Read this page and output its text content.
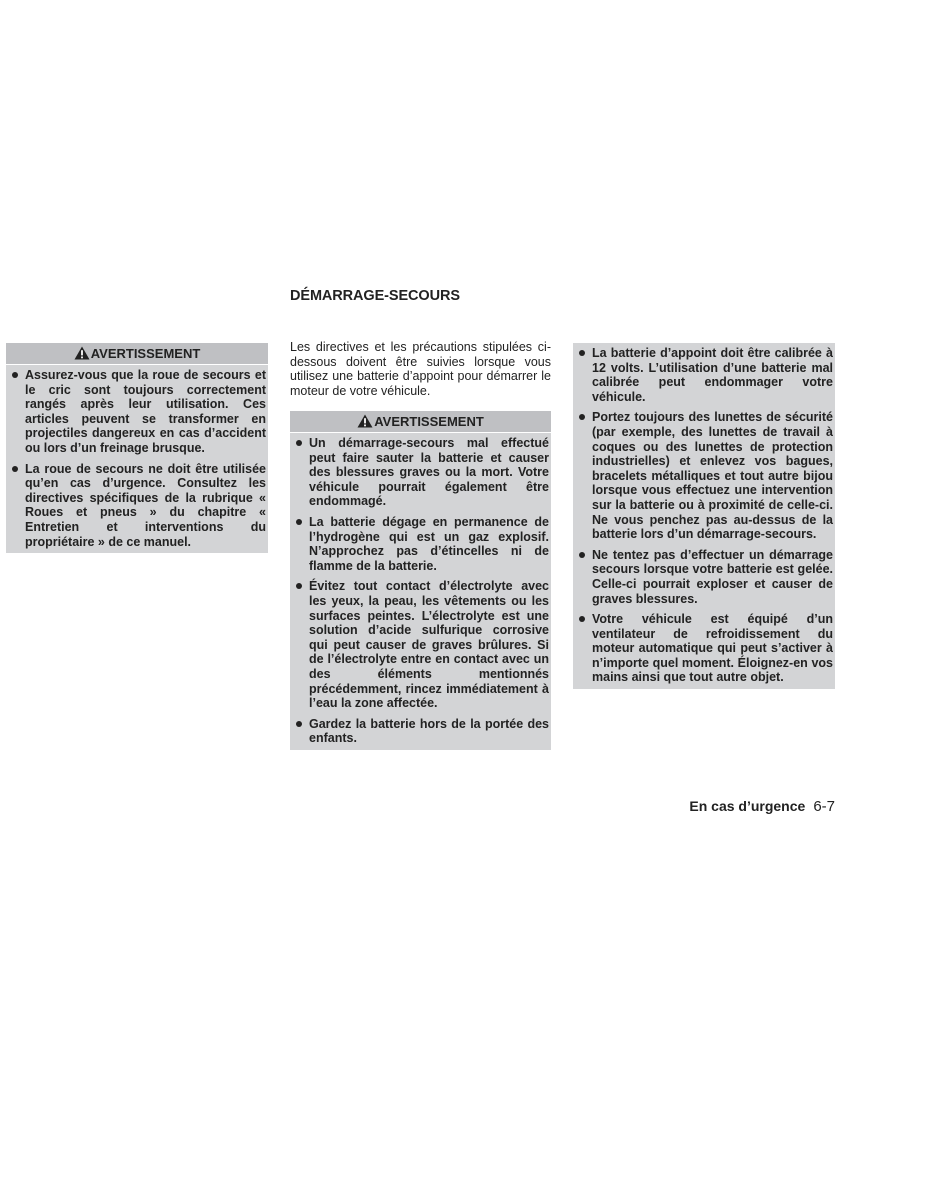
DÉMARRAGE-SECOURS
AVERTISSEMENT
Assurez-vous que la roue de secours et le cric sont toujours correctement rangés après leur utilisation. Ces articles peuvent se transformer en projectiles dangereux en cas d’accident ou lors d’un freinage brusque.
La roue de secours ne doit être utilisée qu’en cas d’urgence. Consultez les directives spécifiques de la rubrique « Roues et pneus » du chapitre « Entretien et interventions du propriétaire » de ce manuel.

Les directives et les précautions stipulées ci-dessous doivent être suivies lorsque vous utilisez une batterie d’appoint pour démarrer le moteur de votre véhicule.

AVERTISSEMENT
Un démarrage-secours mal effectué peut faire sauter la batterie et causer des blessures graves ou la mort. Votre véhicule pourrait également être endommagé.
La batterie dégage en permanence de l’hydrogène qui est un gaz explosif. N’approchez pas d’étincelles ni de flamme de la batterie.
Évitez tout contact d’électrolyte avec les yeux, la peau, les vêtements ou les surfaces peintes. L’électrolyte est une solution d’acide sulfurique corrosive qui peut causer de graves brûlures. Si de l’électrolyte entre en contact avec un des éléments mentionnés précédemment, rincez immédiatement à l’eau la zone affectée.
Gardez la batterie hors de la portée des enfants.
La batterie d’appoint doit être calibrée à 12 volts. L’utilisation d’une batterie mal calibrée peut endommager votre véhicule.
Portez toujours des lunettes de sécurité (par exemple, des lunettes de travail à coques ou des lunettes de protection industrielles) et enlevez vos bagues, bracelets métalliques et tout autre bijou lorsque vous effectuez une intervention sur la batterie ou à proximité de celle-ci. Ne vous penchez pas au-dessus de la batterie lors d’un démarrage-secours.
Ne tentez pas d’effectuer un démarrage secours lorsque votre batterie est gelée. Celle-ci pourrait exploser et causer de graves blessures.
Votre véhicule est équipé d’un ventilateur de refroidissement du moteur automatique qui peut s’activer à n’importe quel moment. Éloignez-en vos mains ainsi que tout autre objet.
En cas d’urgence 6-7
